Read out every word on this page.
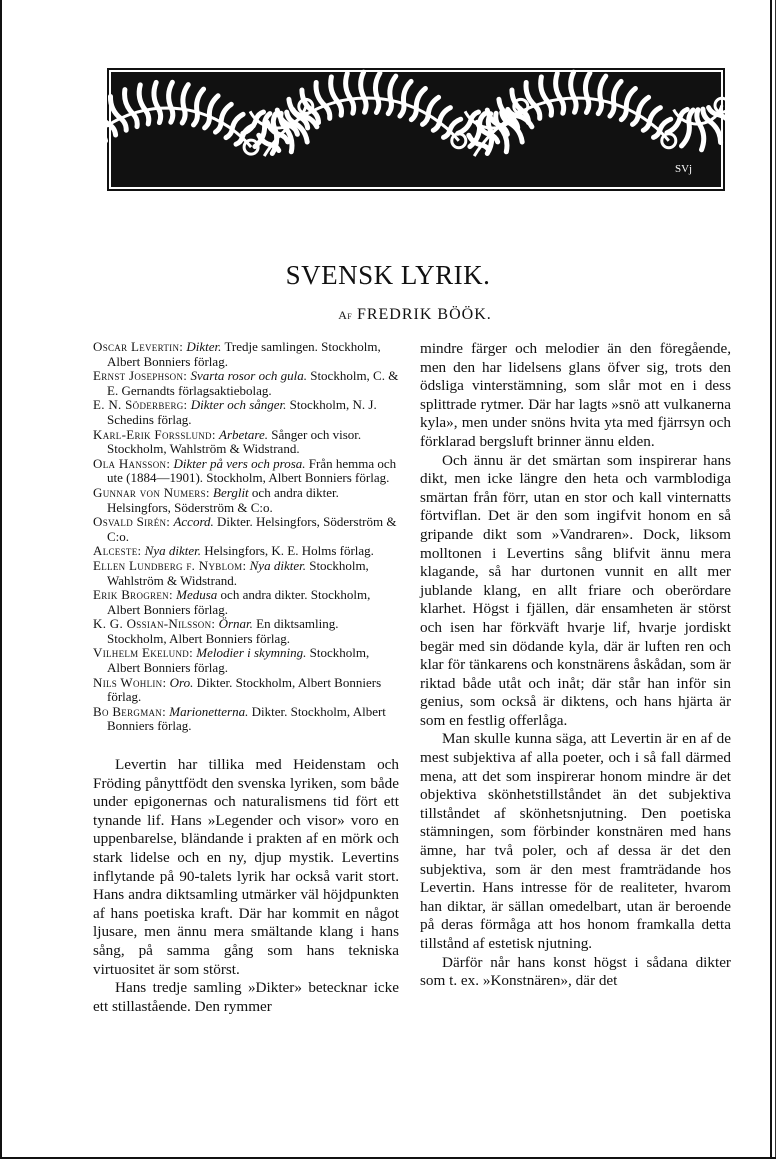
SVj
SVENSK LYRIK.
Af FREDRIK BÖÖK.
Oscar Levertin: Dikter. Tredje samlingen. Stockholm, Albert Bonniers förlag.
Ernst Josephson: Svarta rosor och gula. Stockholm, C. & E. Gernandts förlagsaktiebolag.
E. N. Söderberg: Dikter och sånger. Stockholm, N. J. Schedins förlag.
Karl-Erik Forsslund: Arbetare. Sånger och visor. Stockholm, Wahlström & Widstrand.
Ola Hansson: Dikter på vers och prosa. Från hemma och ute (1884—1901). Stockholm, Albert Bonniers förlag.
Gunnar von Numers: Berglit och andra dikter. Helsingfors, Söderström & C:o.
Osvald Sirén: Accord. Dikter. Helsingfors, Söderström & C:o.
Alceste: Nya dikter. Helsingfors, K. E. Holms förlag.
Ellen Lundberg f. Nyblom: Nya dikter. Stockholm, Wahlström & Widstrand.
Erik Brogren: Medusa och andra dikter. Stockholm, Albert Bonniers förlag.
K. G. Ossian-Nilsson: Örnar. En diktsamling. Stockholm, Albert Bonniers förlag.
Vilhelm Ekelund: Melodier i skymning. Stockholm, Albert Bonniers förlag.
Nils Wohlin: Oro. Dikter. Stockholm, Albert Bonniers förlag.
Bo Bergman: Marionetterna. Dikter. Stockholm, Albert Bonniers förlag.

Levertin har tillika med Heidenstam och Fröding pånyttfödt den svenska lyriken, som både under epigonernas och naturalismens tid fört ett tynande lif. Hans »Legender och visor» voro en uppenbarelse, bländande i prakten af en mörk och stark lidelse och en ny, djup mystik. Levertins inflytande på 90-talets lyrik har också varit stort. Hans andra diktsamling utmärker väl höjdpunkten af hans poetiska kraft. Där har kommit en något ljusare, men ännu mera smältande klang i hans sång, på samma gång som hans tekniska virtuositet är som störst.

Hans tredje samling »Dikter» betecknar icke ett stillastående. Den rymmer

mindre färger och melodier än den föregående, men den har lidelsens glans öfver sig, trots den ödsliga vinterstämning, som slår mot en i dess splittrade rytmer. Där har lagts »snö att vulkanerna kyla», men under snöns hvita yta med fjärrsyn och förklarad bergsluft brinner ännu elden.

Och ännu är det smärtan som inspirerar hans dikt, men icke längre den heta och varmblodiga smärtan från förr, utan en stor och kall vinternatts förtviflan. Det är den som ingifvit honom en så gripande dikt som »Vandraren». Dock, liksom molltonen i Levertins sång blifvit ännu mera klagande, så har durtonen vunnit en allt mer jublande klang, en allt friare och oberördare klarhet. Högst i fjällen, där ensamheten är störst och isen har förkväft hvarje lif, hvarje jordiskt begär med sin dödande kyla, där är luften ren och klar för tänkarens och konstnärens åskådan, som är riktad både utåt och inåt; där står han inför sin genius, som också är diktens, och hans hjärta är som en festlig offerlåga.

Man skulle kunna säga, att Levertin är en af de mest subjektiva af alla poeter, och i så fall därmed mena, att det som inspirerar honom mindre är det objektiva skönhetstillståndet än det subjektiva tillståndet af skönhetsnjutning. Den poetiska stämningen, som förbinder konstnären med hans ämne, har två poler, och af dessa är det den subjektiva, som är den mest framträdande hos Levertin. Hans intresse för de realiteter, hvarom han diktar, är sällan omedelbart, utan är beroende på deras förmåga att hos honom framkalla detta tillstånd af estetisk njutning.

Därför når hans konst högst i sådana dikter som t. ex. »Konstnären», där det
